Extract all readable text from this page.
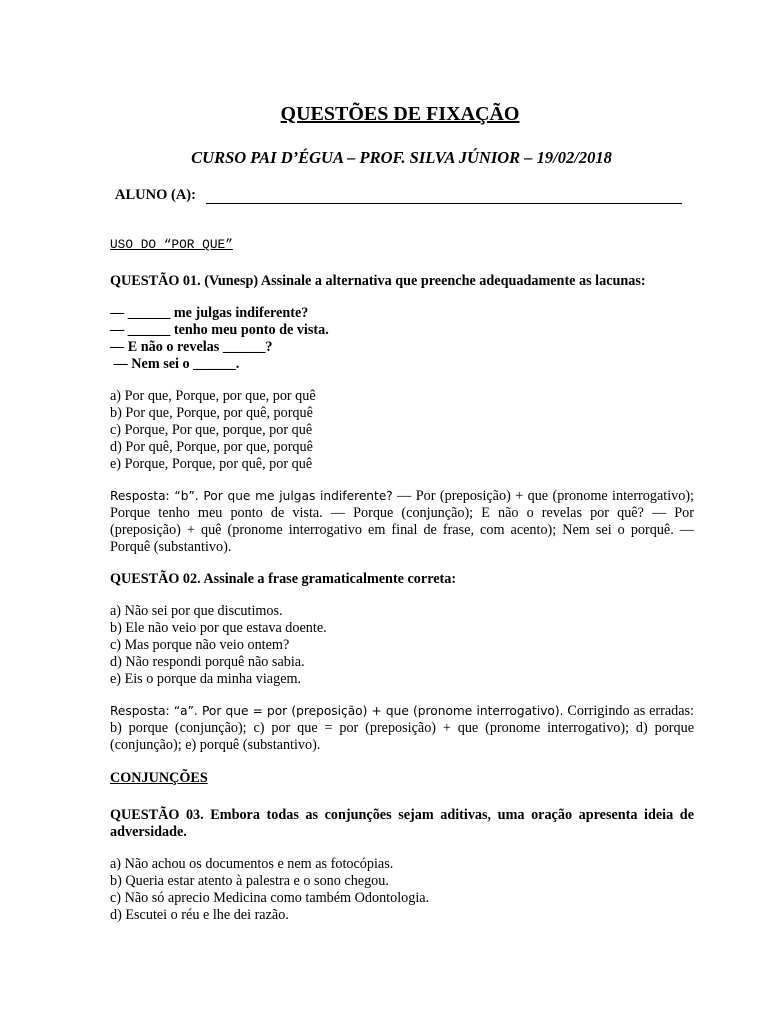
QUESTÕES DE FIXAÇÃO
CURSO PAI D’ÉGUA – PROF. SILVA JÚNIOR – 19/02/2018
ALUNO (A):
USO DO “POR QUE”
QUESTÃO 01. (Vunesp) Assinale a alternativa que preenche adequadamente as lacunas:
— ______ me julgas indiferente?
— ______ tenho meu ponto de vista.
— E não o revelas ______?
— Nem sei o ______.
a) Por que, Porque, por que, por quê
b) Por que, Porque, por quê, porquê
c) Porque, Por que, porque, por quê
d) Por quê, Porque, por que, porquê
e) Porque, Porque, por quê, por quê
Resposta: “b”. Por que me julgas indiferente? — Por (preposição) + que (pronome interrogativo); Porque tenho meu ponto de vista. — Porque (conjunção); E não o revelas por quê? — Por (preposição) + quê (pronome interrogativo em final de frase, com acento); Nem sei o porquê. — Porquê (substantivo).
QUESTÃO 02. Assinale a frase gramaticalmente correta:
a) Não sei por que discutimos.
b) Ele não veio por que estava doente.
c) Mas porque não veio ontem?
d) Não respondi porquê não sabia.
e) Eis o porque da minha viagem.
Resposta: “a”. Por que = por (preposição) + que (pronome interrogativo). Corrigindo as erradas: b) porque (conjunção); c) por que = por (preposição) + que (pronome interrogativo); d) porque (conjunção); e) porquê (substantivo).
CONJUNÇÕES
QUESTÃO 03. Embora todas as conjunções sejam aditivas, uma oração apresenta ideia de adversidade.
a) Não achou os documentos e nem as fotocópias.
b) Queria estar atento à palestra e o sono chegou.
c) Não só aprecio Medicina como também Odontologia.
d) Escutei o réu e lhe dei razão.
